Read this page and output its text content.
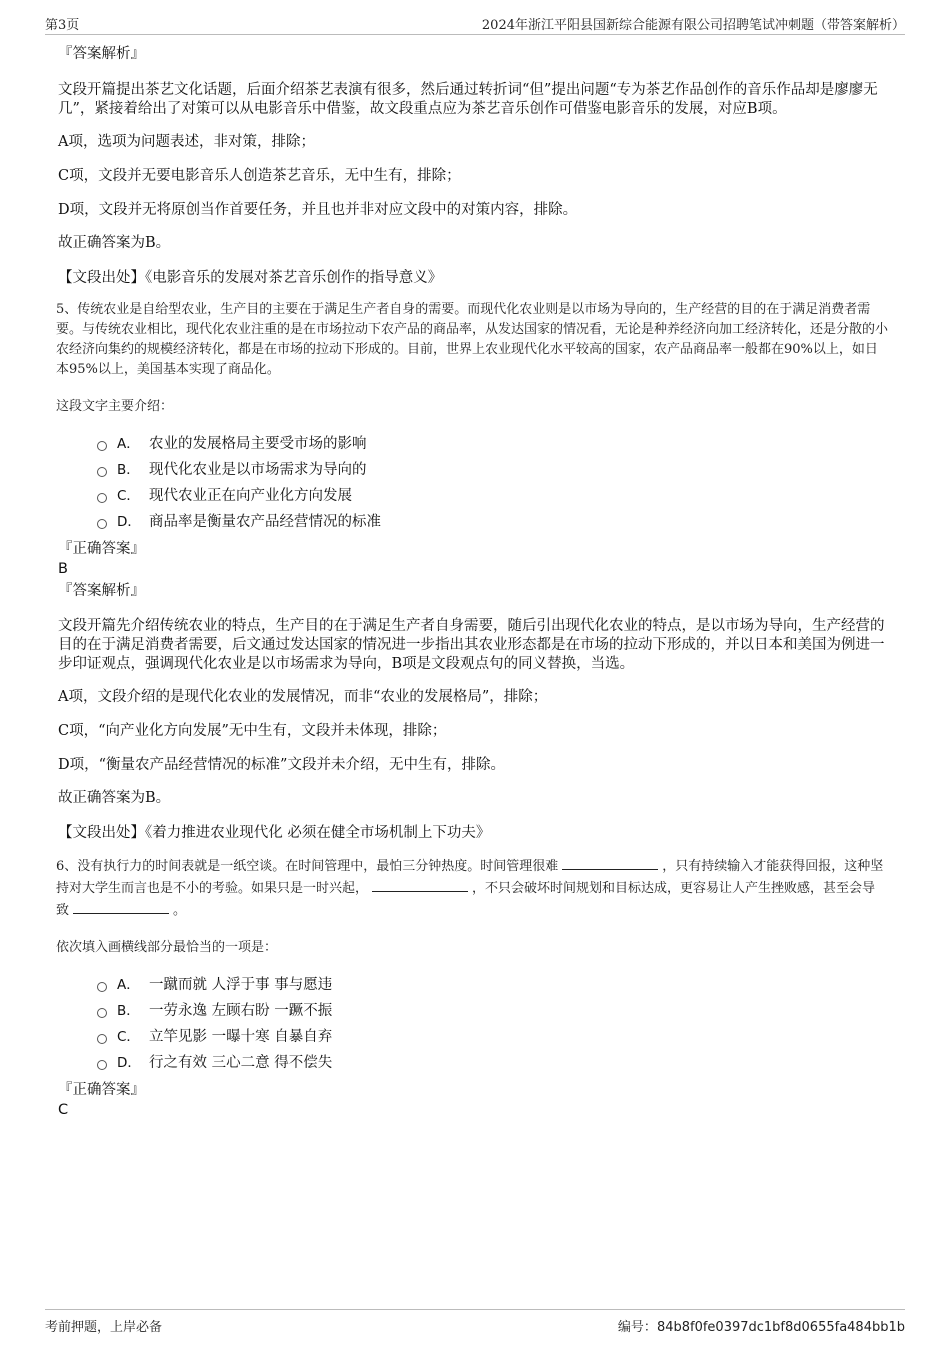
第3页	2024年浙江平阳县国新综合能源有限公司招聘笔试冲刺题（带答案解析）
『答案解析』
文段开篇提出茶艺文化话题，后面介绍茶艺表演有很多，然后通过转折词“但”提出问题“专为茶艺作品创作的音乐作品却是廖廖无几”，紧接着给出了对策可以从电影音乐中借鉴，故文段重点应为茶艺音乐创作可借鉴电影音乐的发展，对应B项。
A项，选项为问题表述，非对策，排除；
C项，文段并无要电影音乐人创造茶艺音乐，无中生有，排除；
D项，文段并无将原创当作首要任务，并且也并非对应文段中的对策内容，排除。
故正确答案为B。
【文段出处】《电影音乐的发展对茶艺音乐创作的指导意义》
5、传统农业是自给型农业，生产目的主要在于满足生产者自身的需要。而现代化农业则是以市场为导向的，生产经营的目的在于满足消费者需要。与传统农业相比，现代化农业注重的是在市场拉动下农产品的商品率，从发达国家的情况看，无论是种养经济向加工经济转化，还是分散的小农经济向集约的规模经济转化，都是在市场的拉动下形成的。目前，世界上农业现代化水平较高的国家，农产品商品率一般都在90%以上，如日本95%以上，美国基本实现了商品化。
这段文字主要介绍：
A． 农业的发展格局主要受市场的影响
B． 现代化农业是以市场需求为导向的
C． 现代农业正在向产业化方向发展
D． 商品率是衡量农产品经营情况的标准
『正确答案』
B
『答案解析』
文段开篇先介绍传统农业的特点，生产目的在于满足生产者自身需要，随后引出现代化农业的特点，是以市场为导向，生产经营的目的在于满足消费者需要，后文通过发达国家的情况进一步指出其农业形态都是在市场的拉动下形成的，并以日本和美国为例进一步印证观点，强调现代化农业是以市场需求为导向，B项是文段观点句的同义替换，当选。
A项，文段介绍的是现代化农业的发展情况，而非“农业的发展格局”，排除；
C项，“向产业化方向发展”无中生有，文段并未体现，排除；
D项，“衡量农产品经营情况的标准”文段并未介绍，无中生有，排除。
故正确答案为B。
【文段出处】《着力推进农业现代化 必须在健全市场机制上下功夫》
6、没有执行力的时间表就是一纸空谈。在时间管理中，最怕三分钟热度。时间管理很难	，只有持续输入才能获得回报，这种坚持对大学生而言也是不小的考验。如果只是一时兴起，	，不只会破坏时间规划和目标达成，更容易让人产生挫败感，甚至会导致	。
依次填入画横线部分最恰当的一项是：
A． 一蹴而就 人浮于事 事与愿违
B． 一劳永逸 左顾右盼 一蹶不振
C． 立竿见影 一曝十寒 自暴自弃
D． 行之有效 三心二意 得不偿失
『正确答案』
C
考前押题，上岸必备	编号：84b8f0fe0397dc1bf8d0655fa484bb1b
